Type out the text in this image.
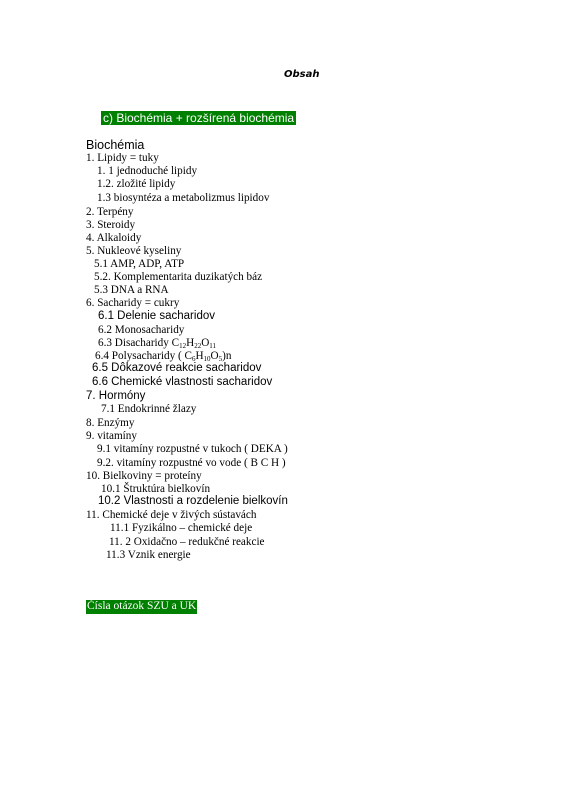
Obsah
c) Biochémia + rozšírená biochémia
Biochémia
1. Lipidy = tuky
1. 1 jednoduché lipidy
1.2. zložité lipidy
1.3 biosyntéza a metabolizmus lipidov
2. Terpény
3. Steroidy
4. Alkaloidy
5. Nukleové kyseliny
5.1 AMP, ADP, ATP
5.2. Komplementarita duzikatých báz
5.3 DNA a RNA
6. Sacharidy = cukry
6.1 Delenie sacharidov
6.2 Monosacharidy
6.3 Disacharidy $C_{12}H_{22}O_{11}$
6.4 Polysacharidy ( $C_6H_{10}O_5)n$
6.5 Dôkazové reakcie sacharidov
6.6 Chemické vlastnosti sacharidov
7. Hormóny
7.1 Endokrinné žlazy
8. Enzýmy
9. vitamíny
9.1 vitamíny rozpustné v tukoch ( DEKA )
9.2. vitamíny rozpustné vo vode ( B C H )
10. Bielkoviny = proteíny
10.1 Štruktúra bielkovín
10.2 Vlastnosti a rozdelenie bielkovín
11. Chemické deje v živých sústavách
11.1 Fyzikálno – chemické deje
11. 2 Oxidačno – redukčné reakcie
11.3 Vznik energie
Čísla otázok SZU a UK
